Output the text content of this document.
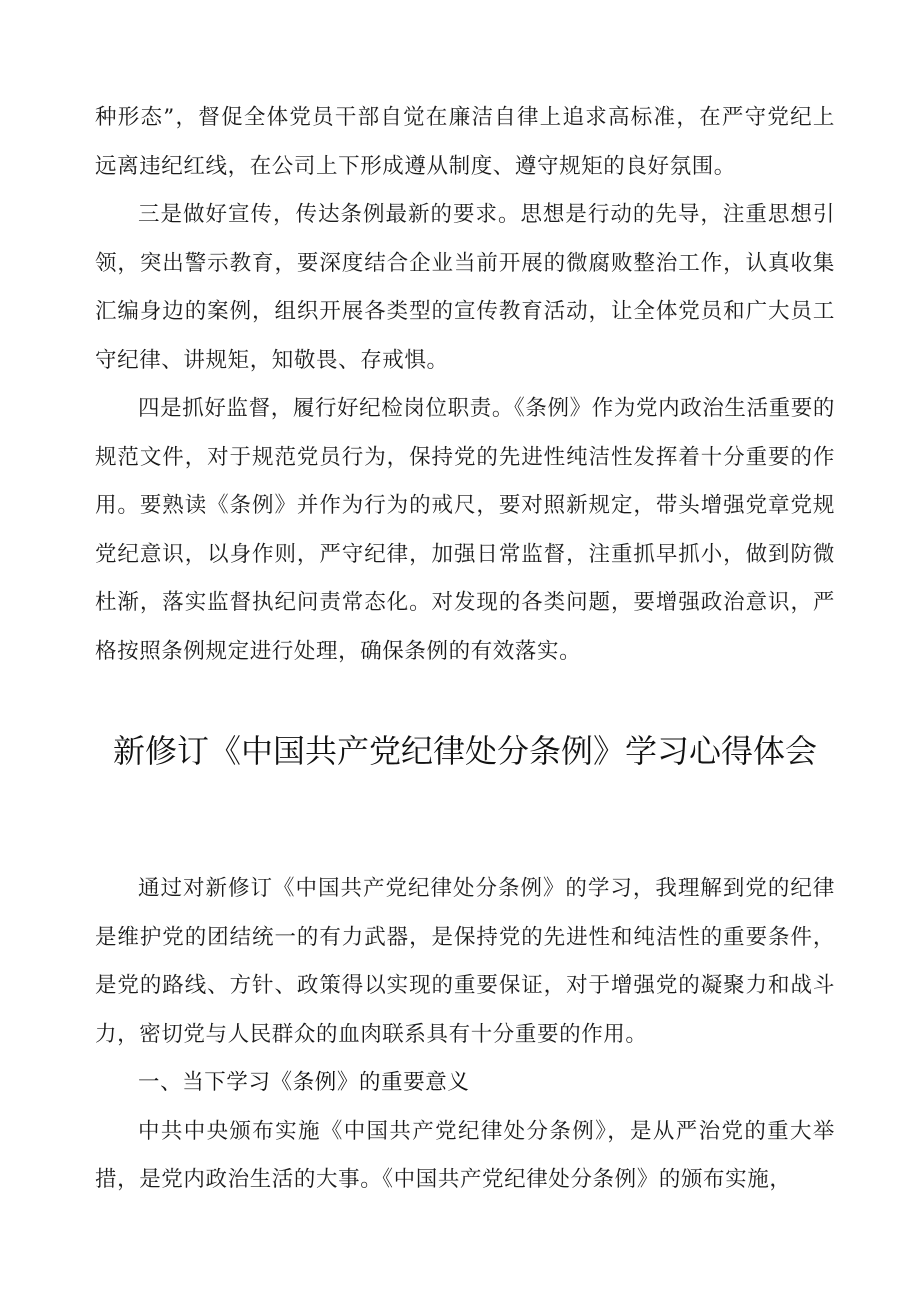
种形态”，督促全体党员干部自觉在廉洁自律上追求高标准，在严守党纪上远离违纪红线，在公司上下形成遵从制度、遵守规矩的良好氛围。

三是做好宣传，传达条例最新的要求。思想是行动的先导，注重思想引领，突出警示教育，要深度结合企业当前开展的微腐败整治工作，认真收集汇编身边的案例，组织开展各类型的宣传教育活动，让全体党员和广大员工守纪律、讲规矩，知敬畏、存戒惧。

四是抓好监督，履行好纪检岗位职责。《条例》作为党内政治生活重要的规范文件，对于规范党员行为，保持党的先进性纯洁性发挥着十分重要的作用。要熟读《条例》并作为行为的戒尺，要对照新规定，带头增强党章党规党纪意识，以身作则，严守纪律，加强日常监督，注重抓早抓小，做到防微杜渐，落实监督执纪问责常态化。对发现的各类问题，要增强政治意识，严格按照条例规定进行处理，确保条例的有效落实。

新修订《中国共产党纪律处分条例》学习心得体会

通过对新修订《中国共产党纪律处分条例》的学习，我理解到党的纪律是维护党的团结统一的有力武器，是保持党的先进性和纯洁性的重要条件，是党的路线、方针、政策得以实现的重要保证，对于增强党的凝聚力和战斗力，密切党与人民群众的血肉联系具有十分重要的作用。

一、当下学习《条例》的重要意义

中共中央颁布实施《中国共产党纪律处分条例》，是从严治党的重大举措，是党内政治生活的大事。《中国共产党纪律处分条例》的颁布实施，
